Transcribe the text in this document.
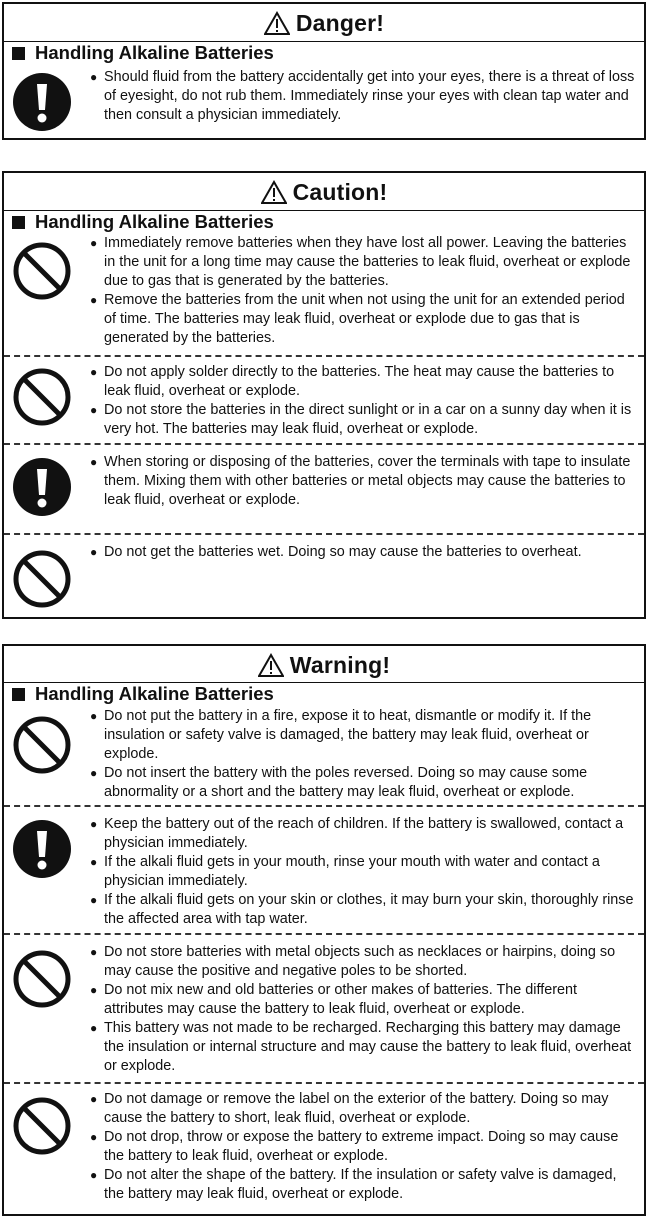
Danger!
Handling Alkaline Batteries
● Should fluid from the battery accidentally get into your eyes, there is a threat of loss of eyesight, do not rub them. Immediately rinse your eyes with clean tap water and then consult a physician immediately.
Caution!
Handling Alkaline Batteries
● Immediately remove batteries when they have lost all power. Leaving the batteries in the unit for a long time may cause the batteries to leak fluid, overheat or explode due to gas that is generated by the batteries.
● Remove the batteries from the unit when not using the unit for an extended period of time. The batteries may leak fluid, overheat or explode due to gas that is generated by the batteries.
● Do not apply solder directly to the batteries. The heat may cause the batteries to leak fluid, overheat or explode.
● Do not store the batteries in the direct sunlight or in a car on a sunny day when it is very hot. The batteries may leak fluid, overheat or explode.
● When storing or disposing of the batteries, cover the terminals with tape to insulate them. Mixing them with other batteries or metal objects may cause the batteries to leak fluid, overheat or explode.
● Do not get the batteries wet. Doing so may cause the batteries to overheat.
Warning!
Handling Alkaline Batteries
● Do not put the battery in a fire, expose it to heat, dismantle or modify it. If the insulation or safety valve is damaged, the battery may leak fluid, overheat or explode.
● Do not insert the battery with the poles reversed. Doing so may cause some abnormality or a short and the battery may leak fluid, overheat or explode.
● Keep the battery out of the reach of children. If the battery is swallowed, contact a physician immediately.
● If the alkali fluid gets in your mouth, rinse your mouth with water and contact a physician immediately.
● If the alkali fluid gets on your skin or clothes, it may burn your skin, thoroughly rinse the affected area with tap water.
● Do not store batteries with metal objects such as necklaces or hairpins, doing so may cause the positive and negative poles to be shorted.
● Do not mix new and old batteries or other makes of batteries. The different attributes may cause the battery to leak fluid, overheat or explode.
● This battery was not made to be recharged. Recharging this battery may damage the insulation or internal structure and may cause the battery to leak fluid, overheat or explode.
● Do not damage or remove the label on the exterior of the battery. Doing so may cause the battery to short, leak fluid, overheat or explode.
● Do not drop, throw or expose the battery to extreme impact. Doing so may cause the battery to leak fluid, overheat or explode.
● Do not alter the shape of the battery. If the insulation or safety valve is damaged, the battery may leak fluid, overheat or explode.
